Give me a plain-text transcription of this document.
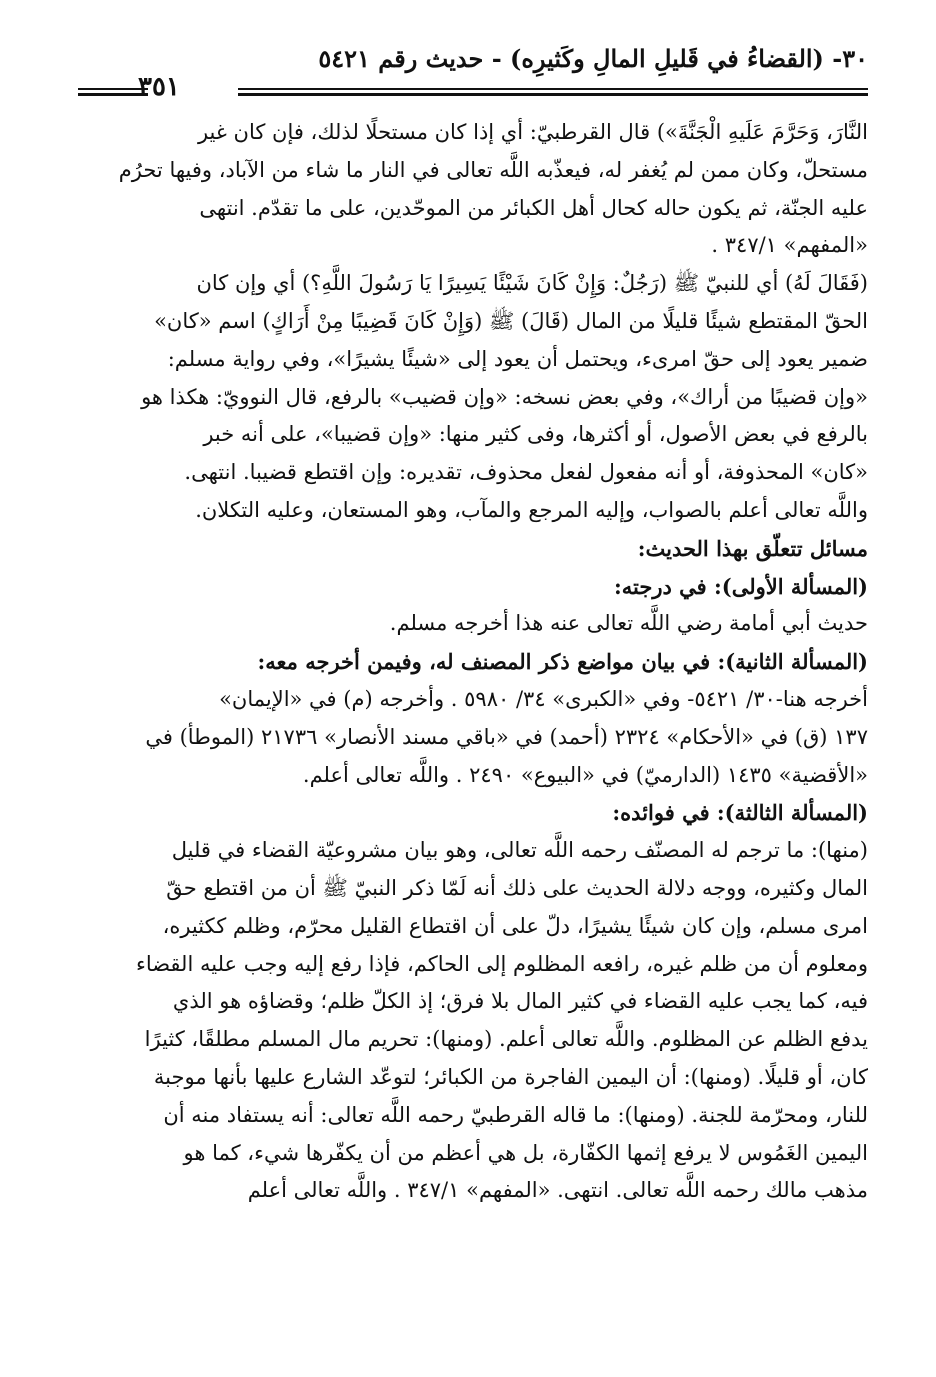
٣٠- (القضاءُ في قَليلِ المالِ وكَثيرِه) - حديث رقم ٥٤٢١
٣٥١

النَّارَ، وَحَرَّمَ عَلَيهِ الْجَنَّةَ») قال القرطبيّ: أي إذا كان مستحلًا لذلك، فإن كان غير

مستحلّ، وكان ممن لم يُغفر له، فيعذّبه اللَّه تعالى في النار ما شاء من الآباد، وفيها تحرُم

عليه الجنّة، ثم يكون حاله كحال أهل الكبائر من الموحّدين، على ما تقدّم. انتهى

«المفهم» ٣٤٧/١ .

(فَقَالَ لَهُ) أي للنبيّ ﷺ (رَجُلٌ: وَإِنْ كَانَ شَيْئًا يَسِيرًا يَا رَسُولَ اللَّهِ؟) أي وإن كان

الحقّ المقتطع شيئًا قليلًا من المال (قَالَ) ﷺ (وَإِنْ كَانَ قَضِيبًا مِنْ أَرَاكٍ) اسم «كان»

ضمير يعود إلى حقّ امرىء، ويحتمل أن يعود إلى «شيئًا يشيرًا»، وفي رواية مسلم:

«وإن قضيبًا من أراك»، وفي بعض نسخه: «وإن قضيب» بالرفع، قال النوويّ: هكذا هو

بالرفع في بعض الأصول، أو أكثرها، وفى كثير منها: «وإن قضيبا»، على أنه خبر

«كان» المحذوفة، أو أنه مفعول لفعل محذوف، تقديره: وإن اقتطع قضيبا. انتهى.

واللَّه تعالى أعلم بالصواب، وإليه المرجع والمآب، وهو المستعان، وعليه التكلان.

مسائل تتعلّق بهذا الحديث:

(المسألة الأولى): في درجته:

حديث أبي أمامة رضي اللَّه تعالى عنه هذا أخرجه مسلم.

(المسألة الثانية): في بيان مواضع ذكر المصنف له، وفيمن أخرجه معه:

أخرجه هنا-٣٠/ ٥٤٢١- وفي «الكبرى» ٣٤/ ٥٩٨٠ . وأخرجه (م) في «الإيمان»

١٣٧ (ق) في «الأحكام» ٢٣٢٤ (أحمد) في «باقي مسند الأنصار» ٢١٧٣٦ (الموطأ) في

«الأقضية» ١٤٣٥ (الدارميّ) في «البيوع» ٢٤٩٠ . واللَّه تعالى أعلم.

(المسألة الثالثة): في فوائده:

(منها): ما ترجم له المصنّف رحمه اللَّه تعالى، وهو بيان مشروعيّة القضاء في قليل

المال وكثيره، ووجه دلالة الحديث على ذلك أنه لَمّا ذكر النبيّ ﷺ أن من اقتطع حقّ

امرى مسلم، وإن كان شيئًا يشيرًا، دلّ على أن اقتطاع القليل محرّم، وظلم ككثيره،

ومعلوم أن من ظلم غيره، رافعه المظلوم إلى الحاكم، فإذا رفع إليه وجب عليه القضاء

فيه، كما يجب عليه القضاء في كثير المال بلا فرق؛ إذ الكلّ ظلم؛ وقضاؤه هو الذي

يدفع الظلم عن المظلوم. واللَّه تعالى أعلم. (ومنها): تحريم مال المسلم مطلقًا، كثيرًا

كان، أو قليلًا. (ومنها): أن اليمين الفاجرة من الكبائر؛ لتوعّد الشارع عليها بأنها موجبة

للنار، ومحرّمة للجنة. (ومنها): ما قاله القرطبيّ رحمه اللَّه تعالى: أنه يستفاد منه أن

اليمين الغَمُوس لا يرفع إثمها الكفّارة، بل هي أعظم من أن يكفّرها شيء، كما هو

مذهب مالك رحمه اللَّه تعالى. انتهى. «المفهم» ٣٤٧/١ . واللَّه تعالى أعلم
